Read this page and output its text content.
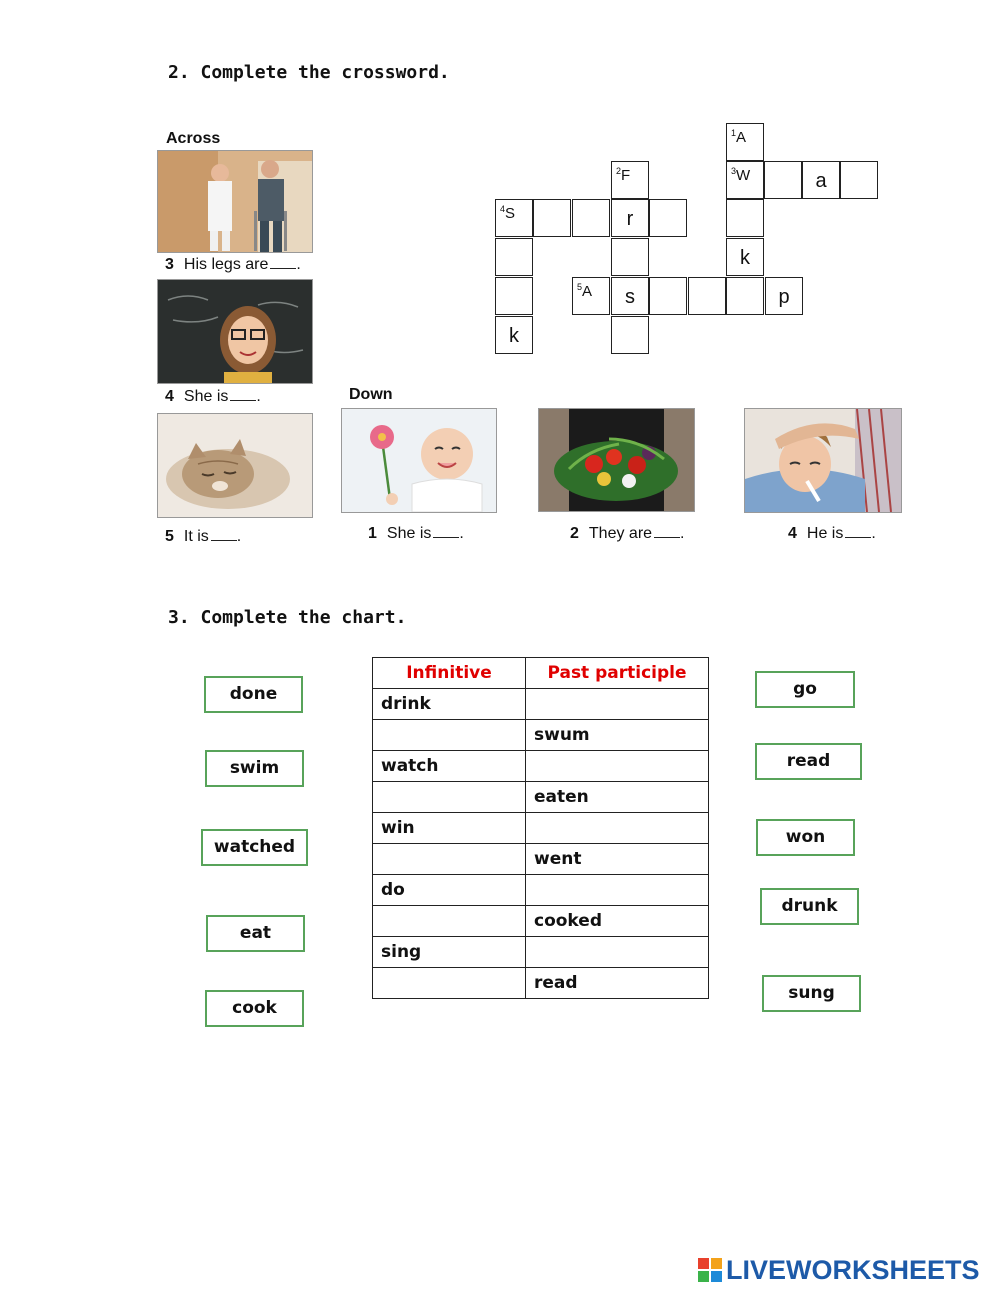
2. Complete the crossword.
Across
3 His legs are .
4 She is .
5 It is .
Down
1 She is .	2 They are .	4 He is .
$^1$A
$^3$W	a
k
$^2$F
$^4$S	r
k
$^5$A	s	p
3. Complete the chart.
Infinitive	Past participle
drink	
	swum
watch	
	eaten
win	
	went
do	
	cooked
sing	
	read
done
swim
watched
eat
cook
go
read
won
drunk
sung
LIVEWORKSHEETS
